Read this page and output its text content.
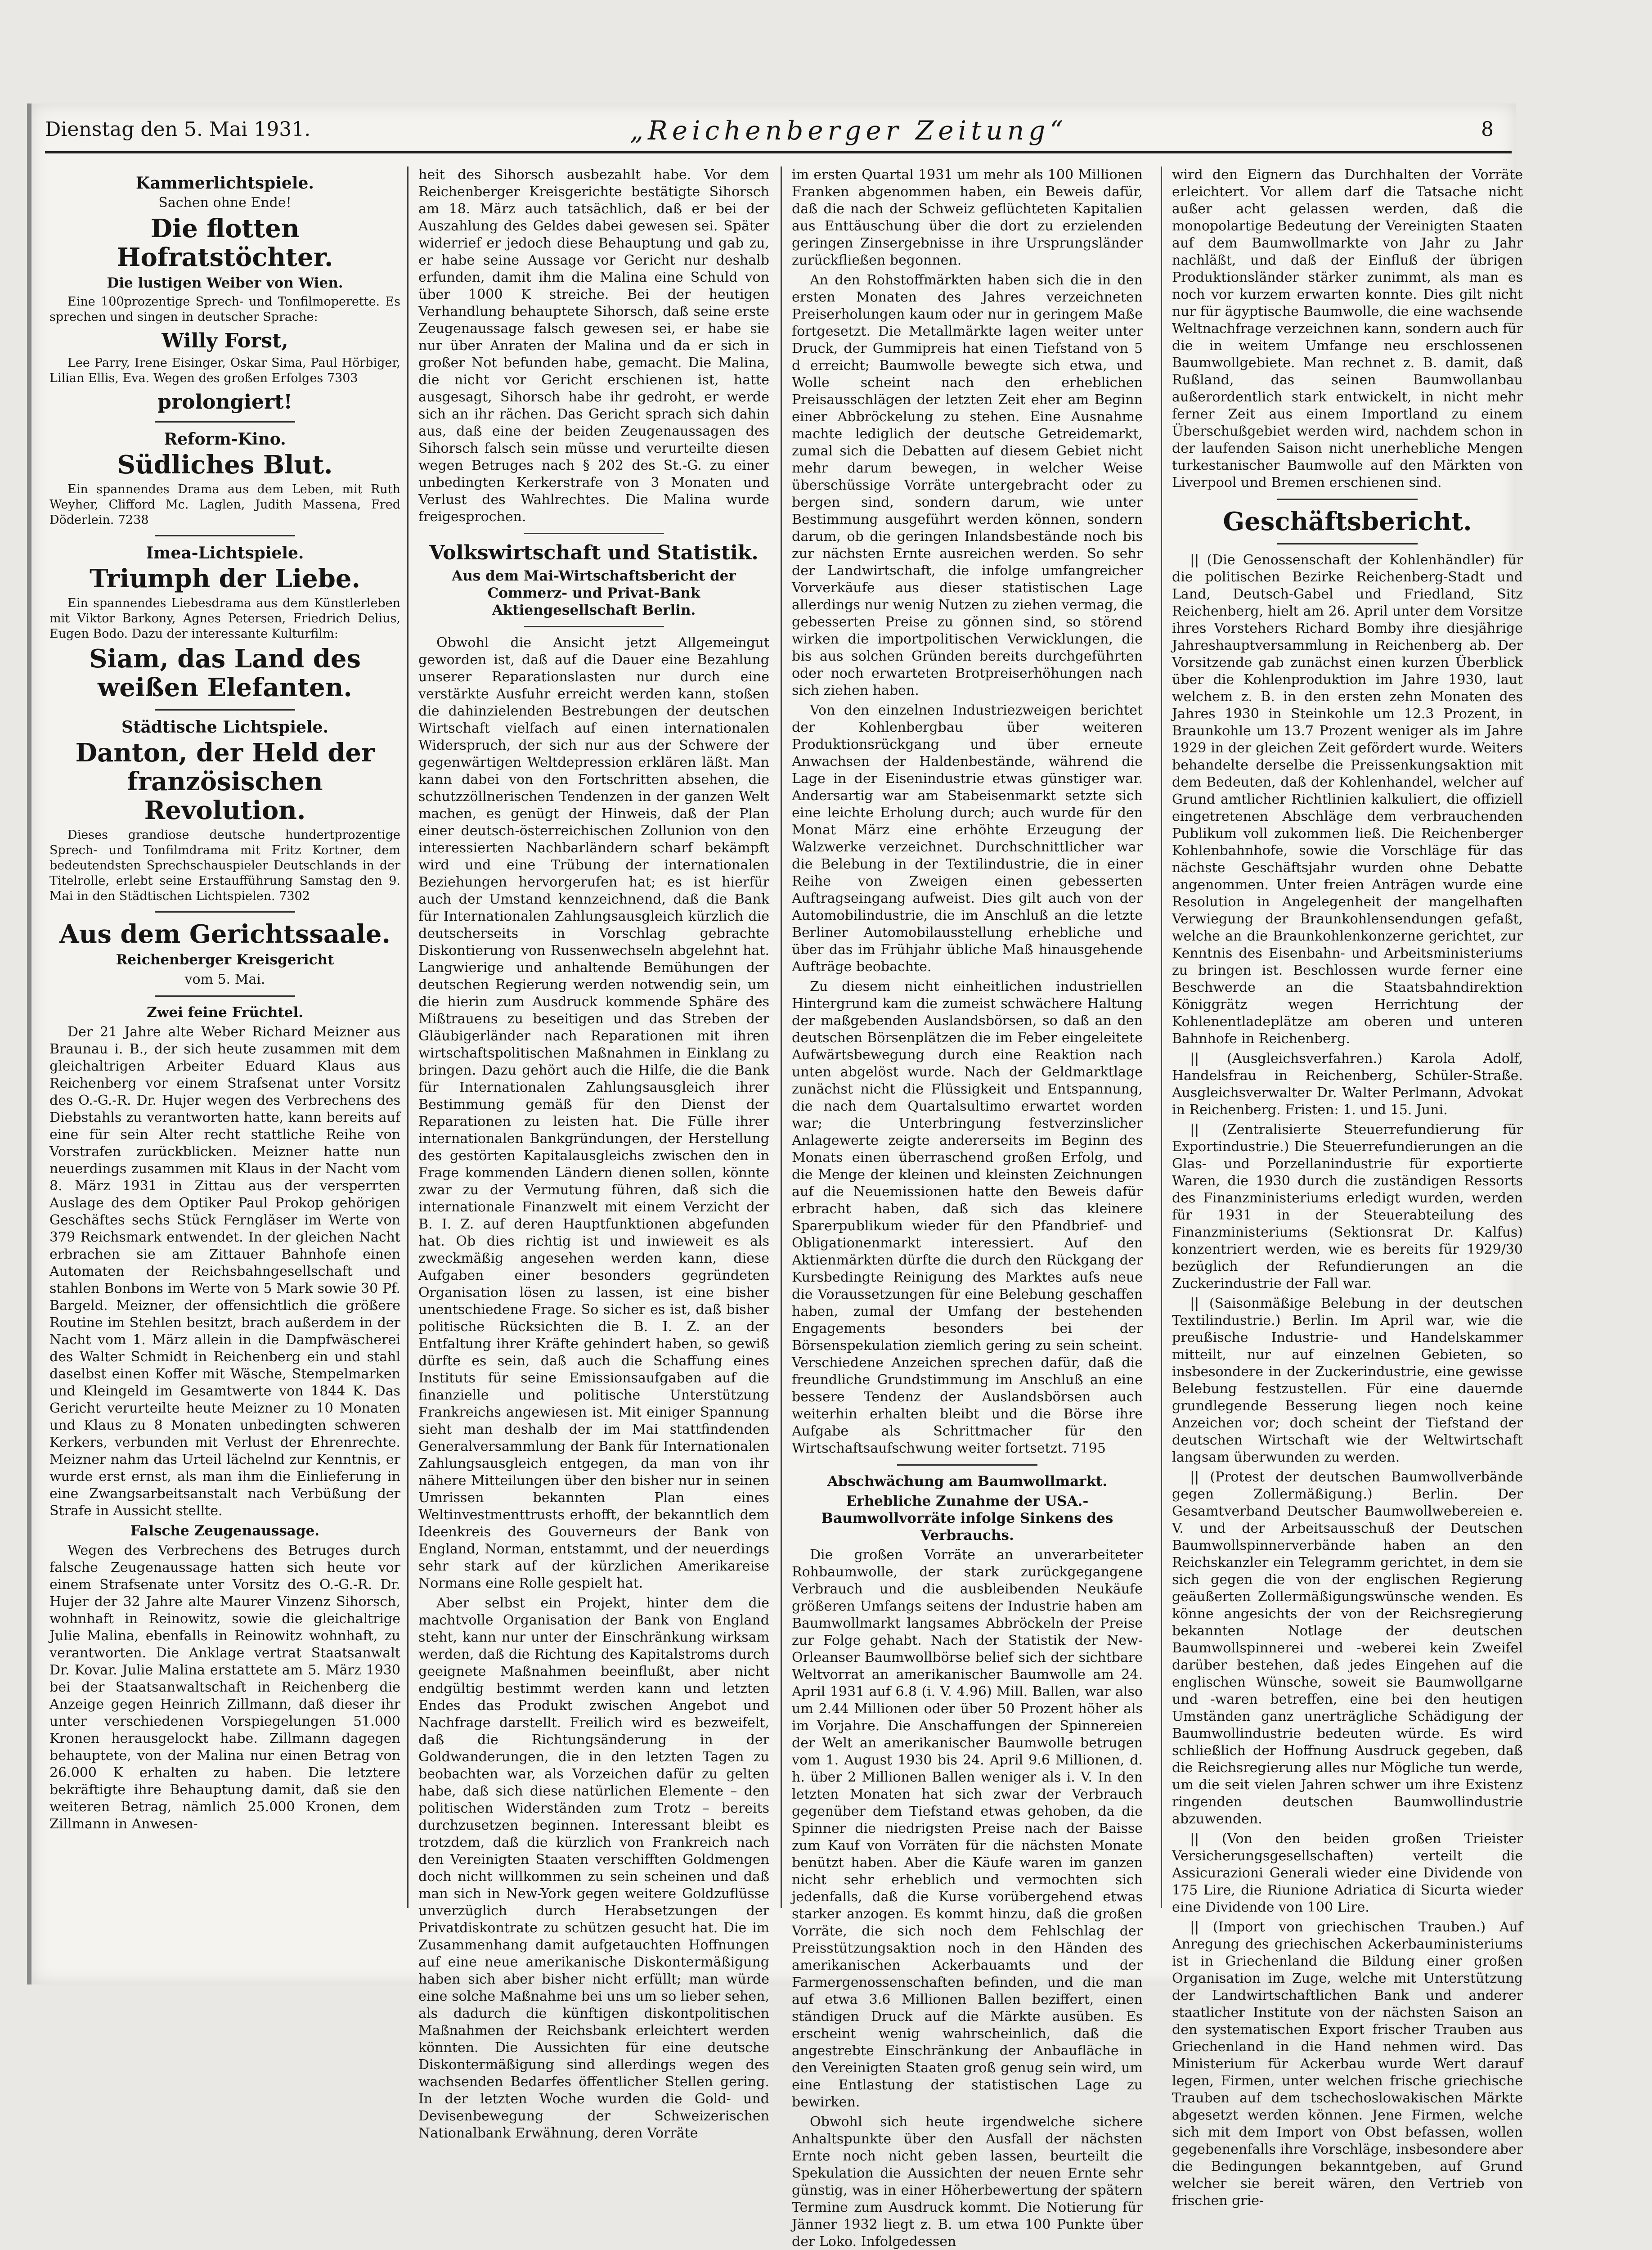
Dienstag den 5. Mai 1931.	„Reichenberger Zeitung“	8
Kammerlichtspiele.
Sachen ohne Ende!
Die flotten Hofratstöchter.
Die lustigen Weiber von Wien.

Eine 100prozentige Sprech- und Tonfilmoperette. Es sprechen und singen in deutscher Sprache:

Willy Forst,

Lee Parry, Irene Eisinger, Oskar Sima, Paul Hörbiger, Lilian Ellis, Eva. Wegen des großen Erfolges 7303

prolongiert!
Reform-Kino.
Südliches Blut.

Ein spannendes Drama aus dem Leben, mit Ruth Weyher, Clifford Mc. Laglen, Judith Massena, Fred Döderlein. 7238

Imea-Lichtspiele.
Triumph der Liebe.

Ein spannendes Liebesdrama aus dem Künstlerleben mit Viktor Barkony, Agnes Petersen, Friedrich Delius, Eugen Bodo. Dazu der interessante Kulturfilm:

Siam, das Land des weißen Elefanten.
Städtische Lichtspiele.
Danton, der Held der französischen Revolution.

Dieses grandiose deutsche hundertprozentige Sprech- und Tonfilmdrama mit Fritz Kortner, dem bedeutendsten Sprechschauspieler Deutschlands in der Titelrolle, erlebt seine Erstaufführung Samstag den 9. Mai in den Städtischen Lichtspielen. 7302

Aus dem Gerichtssaale.
Reichenberger Kreisgericht
vom 5. Mai.
Zwei feine Früchtel.

Der 21 Jahre alte Weber Richard Meizner aus Braunau i. B., der sich heute zusammen mit dem gleichaltrigen Arbeiter Eduard Klaus aus Reichenberg vor einem Strafsenat unter Vorsitz des O.-G.-R. Dr. Hujer wegen des Verbrechens des Diebstahls zu verantworten hatte, kann bereits auf eine für sein Alter recht stattliche Reihe von Vorstrafen zurückblicken. Meizner hatte nun neuerdings zusammen mit Klaus in der Nacht vom 8. März 1931 in Zittau aus der versperrten Auslage des dem Optiker Paul Prokop gehörigen Geschäftes sechs Stück Ferngläser im Werte von 379 Reichsmark entwendet. In der gleichen Nacht erbrachen sie am Zittauer Bahnhofe einen Automaten der Reichsbahngesellschaft und stahlen Bonbons im Werte von 5 Mark sowie 30 Pf. Bargeld. Meizner, der offensichtlich die größere Routine im Stehlen besitzt, brach außerdem in der Nacht vom 1. März allein in die Dampfwäscherei des Walter Schmidt in Reichenberg ein und stahl daselbst einen Koffer mit Wäsche, Stempelmarken und Kleingeld im Gesamtwerte von 1844 K. Das Gericht verurteilte heute Meizner zu 10 Monaten und Klaus zu 8 Monaten unbedingten schweren Kerkers, verbunden mit Verlust der Ehrenrechte. Meizner nahm das Urteil lächelnd zur Kenntnis, er wurde erst ernst, als man ihm die Einlieferung in eine Zwangsarbeitsanstalt nach Verbüßung der Strafe in Aussicht stellte.

Falsche Zeugenaussage.

Wegen des Verbrechens des Betruges durch falsche Zeugenaussage hatten sich heute vor einem Strafsenate unter Vorsitz des O.-G.-R. Dr. Hujer der 32 Jahre alte Maurer Vinzenz Sihorsch, wohnhaft in Reinowitz, sowie die gleichaltrige Julie Malina, ebenfalls in Reinowitz wohnhaft, zu verantworten. Die Anklage vertrat Staatsanwalt Dr. Kovar. Julie Malina erstattete am 5. März 1930 bei der Staatsanwaltschaft in Reichenberg die Anzeige gegen Heinrich Zillmann, daß dieser ihr unter verschiedenen Vorspiegelungen 51.000 Kronen herausgelockt habe. Zillmann dagegen behauptete, von der Malina nur einen Betrag von 26.000 K erhalten zu haben. Die letztere bekräftigte ihre Behauptung damit, daß sie den weiteren Betrag, nämlich 25.000 Kronen, dem Zillmann in Anwesen-

heit des Sihorsch ausbezahlt habe. Vor dem Reichenberger Kreisgerichte bestätigte Sihorsch am 18. März auch tatsächlich, daß er bei der Auszahlung des Geldes dabei gewesen sei. Später widerrief er jedoch diese Behauptung und gab zu, er habe seine Aussage vor Gericht nur deshalb erfunden, damit ihm die Malina eine Schuld von über 1000 K streiche. Bei der heutigen Verhandlung behauptete Sihorsch, daß seine erste Zeugenaussage falsch gewesen sei, er habe sie nur über Anraten der Malina und da er sich in großer Not befunden habe, gemacht. Die Malina, die nicht vor Gericht erschienen ist, hatte ausgesagt, Sihorsch habe ihr gedroht, er werde sich an ihr rächen. Das Gericht sprach sich dahin aus, daß eine der beiden Zeugenaussagen des Sihorsch falsch sein müsse und verurteilte diesen wegen Betruges nach § 202 des St.-G. zu einer unbedingten Kerkerstrafe von 3 Monaten und Verlust des Wahlrechtes. Die Malina wurde freigesprochen.

Volkswirtschaft und Statistik.
Aus dem Mai-Wirtschaftsbericht der Commerz- und Privat-Bank Aktiengesellschaft Berlin.

Obwohl die Ansicht jetzt Allgemeingut geworden ist, daß auf die Dauer eine Bezahlung unserer Reparationslasten nur durch eine verstärkte Ausfuhr erreicht werden kann, stoßen die dahinzielenden Bestrebungen der deutschen Wirtschaft vielfach auf einen internationalen Widerspruch, der sich nur aus der Schwere der gegenwärtigen Weltdepression erklären läßt. Man kann dabei von den Fortschritten absehen, die schutzzöllnerischen Tendenzen in der ganzen Welt machen, es genügt der Hinweis, daß der Plan einer deutsch-österreichischen Zollunion von den interessierten Nachbarländern scharf bekämpft wird und eine Trübung der internationalen Beziehungen hervorgerufen hat; es ist hierfür auch der Umstand kennzeichnend, daß die Bank für Internationalen Zahlungsausgleich kürzlich die deutscherseits in Vorschlag gebrachte Diskontierung von Russenwechseln abgelehnt hat. Langwierige und anhaltende Bemühungen der deutschen Regierung werden notwendig sein, um die hierin zum Ausdruck kommende Sphäre des Mißtrauens zu beseitigen und das Streben der Gläubigerländer nach Reparationen mit ihren wirtschaftspolitischen Maßnahmen in Einklang zu bringen. Dazu gehört auch die Hilfe, die die Bank für Internationalen Zahlungsausgleich ihrer Bestimmung gemäß für den Dienst der Reparationen zu leisten hat. Die Fülle ihrer internationalen Bankgründungen, der Herstellung des gestörten Kapitalausgleichs zwischen den in Frage kommenden Ländern dienen sollen, könnte zwar zu der Vermutung führen, daß sich die internationale Finanzwelt mit einem Verzicht der B. I. Z. auf deren Hauptfunktionen abgefunden hat. Ob dies richtig ist und inwieweit es als zweckmäßig angesehen werden kann, diese Aufgaben einer besonders gegründeten Organisation lösen zu lassen, ist eine bisher unentschiedene Frage. So sicher es ist, daß bisher politische Rücksichten die B. I. Z. an der Entfaltung ihrer Kräfte gehindert haben, so gewiß dürfte es sein, daß auch die Schaffung eines Instituts für seine Emissionsaufgaben auf die finanzielle und politische Unterstützung Frankreichs angewiesen ist. Mit einiger Spannung sieht man deshalb der im Mai stattfindenden Generalversammlung der Bank für Internationalen Zahlungsausgleich entgegen, da man von ihr nähere Mitteilungen über den bisher nur in seinen Umrissen bekannten Plan eines Weltinvestmenttrusts erhofft, der bekanntlich dem Ideenkreis des Gouverneurs der Bank von England, Norman, entstammt, und der neuerdings sehr stark auf der kürzlichen Amerikareise Normans eine Rolle gespielt hat.

Aber selbst ein Projekt, hinter dem die machtvolle Organisation der Bank von England steht, kann nur unter der Einschränkung wirksam werden, daß die Richtung des Kapitalstroms durch geeignete Maßnahmen beeinflußt, aber nicht endgültig bestimmt werden kann und letzten Endes das Produkt zwischen Angebot und Nachfrage darstellt. Freilich wird es bezweifelt, daß die Richtungsänderung in der Goldwanderungen, die in den letzten Tagen zu beobachten war, als Vorzeichen dafür zu gelten habe, daß sich diese natürlichen Elemente – den politischen Widerständen zum Trotz – bereits durchzusetzen beginnen. Interessant bleibt es trotzdem, daß die kürzlich von Frankreich nach den Vereinigten Staaten verschifften Goldmengen doch nicht willkommen zu sein scheinen und daß man sich in New-York gegen weitere Goldzuflüsse unverzüglich durch Herabsetzungen der Privatdiskontrate zu schützen gesucht hat. Die im Zusammenhang damit aufgetauchten Hoffnungen auf eine neue amerikanische Diskontermäßigung haben sich aber bisher nicht erfüllt; man würde eine solche Maßnahme bei uns um so lieber sehen, als dadurch die künftigen diskontpolitischen Maßnahmen der Reichsbank erleichtert werden könnten. Die Aussichten für eine deutsche Diskontermäßigung sind allerdings wegen des wachsenden Bedarfes öffentlicher Stellen gering. In der letzten Woche wurden die Gold- und Devisenbewegung der Schweizerischen Nationalbank Erwähnung, deren Vorräte

im ersten Quartal 1931 um mehr als 100 Millionen Franken abgenommen haben, ein Beweis dafür, daß die nach der Schweiz geflüchteten Kapitalien aus Enttäuschung über die dort zu erzielenden geringen Zinsergebnisse in ihre Ursprungsländer zurückfließen begonnen.

An den Rohstoffmärkten haben sich die in den ersten Monaten des Jahres verzeichneten Preiserholungen kaum oder nur in geringem Maße fortgesetzt. Die Metallmärkte lagen weiter unter Druck, der Gummipreis hat einen Tiefstand von 5 d erreicht; Baumwolle bewegte sich etwa, und Wolle scheint nach den erheblichen Preisausschlägen der letzten Zeit eher am Beginn einer Abbröckelung zu stehen. Eine Ausnahme machte lediglich der deutsche Getreidemarkt, zumal sich die Debatten auf diesem Gebiet nicht mehr darum bewegen, in welcher Weise überschüssige Vorräte untergebracht oder zu bergen sind, sondern darum, wie unter Bestimmung ausgeführt werden können, sondern darum, ob die geringen Inlandsbestände noch bis zur nächsten Ernte ausreichen werden. So sehr der Landwirtschaft, die infolge umfangreicher Vorverkäufe aus dieser statistischen Lage allerdings nur wenig Nutzen zu ziehen vermag, die gebesserten Preise zu gönnen sind, so störend wirken die importpolitischen Verwicklungen, die bis aus solchen Gründen bereits durchgeführten oder noch erwarteten Brotpreiserhöhungen nach sich ziehen haben.

Von den einzelnen Industriezweigen berichtet der Kohlenbergbau über weiteren Produktionsrückgang und über erneute Anwachsen der Haldenbestände, während die Lage in der Eisenindustrie etwas günstiger war. Andersartig war am Stabeisenmarkt setzte sich eine leichte Erholung durch; auch wurde für den Monat März eine erhöhte Erzeugung der Walzwerke verzeichnet. Durchschnittlicher war die Belebung in der Textilindustrie, die in einer Reihe von Zweigen einen gebesserten Auftragseingang aufweist. Dies gilt auch von der Automobilindustrie, die im Anschluß an die letzte Berliner Automobilausstellung erhebliche und über das im Frühjahr übliche Maß hinausgehende Aufträge beobachte.

Zu diesem nicht einheitlichen industriellen Hintergrund kam die zumeist schwächere Haltung der maßgebenden Auslandsbörsen, so daß an den deutschen Börsenplätzen die im Feber eingeleitete Aufwärtsbewegung durch eine Reaktion nach unten abgelöst wurde. Nach der Geldmarktlage zunächst nicht die Flüssigkeit und Entspannung, die nach dem Quartalsultimo erwartet worden war; die Unterbringung festverzinslicher Anlagewerte zeigte andererseits im Beginn des Monats einen überraschend großen Erfolg, und die Menge der kleinen und kleinsten Zeichnungen auf die Neuemissionen hatte den Beweis dafür erbracht haben, daß sich das kleinere Sparerpublikum wieder für den Pfandbrief- und Obligationenmarkt interessiert. Auf den Aktienmärkten dürfte die durch den Rückgang der Kursbedingte Reinigung des Marktes aufs neue die Voraussetzungen für eine Belebung geschaffen haben, zumal der Umfang der bestehenden Engagements besonders bei der Börsenspekulation ziemlich gering zu sein scheint. Verschiedene Anzeichen sprechen dafür, daß die freundliche Grundstimmung im Anschluß an eine bessere Tendenz der Auslandsbörsen auch weiterhin erhalten bleibt und die Börse ihre Aufgabe als Schrittmacher für den Wirtschaftsaufschwung weiter fortsetzt. 7195

Abschwächung am Baumwollmarkt.
Erhebliche Zunahme der USA.-Baumwollvorräte infolge Sinkens des Verbrauchs.

Die großen Vorräte an unverarbeiteter Rohbaumwolle, der stark zurückgegangene Verbrauch und die ausbleibenden Neukäufe größeren Umfangs seitens der Industrie haben am Baumwollmarkt langsames Abbröckeln der Preise zur Folge gehabt. Nach der Statistik der New-Orleanser Baumwollbörse belief sich der sichtbare Weltvorrat an amerikanischer Baumwolle am 24. April 1931 auf 6.8 (i. V. 4.96) Mill. Ballen, war also um 2.44 Millionen oder über 50 Prozent höher als im Vorjahre. Die Anschaffungen der Spinnereien der Welt an amerikanischer Baumwolle betrugen vom 1. August 1930 bis 24. April 9.6 Millionen, d. h. über 2 Millionen Ballen weniger als i. V. In den letzten Monaten hat sich zwar der Verbrauch gegenüber dem Tiefstand etwas gehoben, da die Spinner die niedrigsten Preise nach der Baisse zum Kauf von Vorräten für die nächsten Monate benützt haben. Aber die Käufe waren im ganzen nicht sehr erheblich und vermochten sich jedenfalls, daß die Kurse vorübergehend etwas starker anzogen. Es kommt hinzu, daß die großen Vorräte, die sich noch dem Fehlschlag der Preisstützungsaktion noch in den Händen des amerikanischen Ackerbauamts und der Farmergenossenschaften befinden, und die man auf etwa 3.6 Millionen Ballen beziffert, einen ständigen Druck auf die Märkte ausüben. Es erscheint wenig wahrscheinlich, daß die angestrebte Einschränkung der Anbaufläche in den Vereinigten Staaten groß genug sein wird, um eine Entlastung der statistischen Lage zu bewirken.

Obwohl sich heute irgendwelche sichere Anhaltspunkte über den Ausfall der nächsten Ernte noch nicht geben lassen, beurteilt die Spekulation die Aussichten der neuen Ernte sehr günstig, was in einer Höherbewertung der spätern Termine zum Ausdruck kommt. Die Notierung für Jänner 1932 liegt z. B. um etwa 100 Punkte über der Loko. Infolgedessen

wird den Eignern das Durchhalten der Vorräte erleichtert. Vor allem darf die Tatsache nicht außer acht gelassen werden, daß die monopolartige Bedeutung der Vereinigten Staaten auf dem Baumwollmarkte von Jahr zu Jahr nachläßt, und daß der Einfluß der übrigen Produktionsländer stärker zunimmt, als man es noch vor kurzem erwarten konnte. Dies gilt nicht nur für ägyptische Baumwolle, die eine wachsende Weltnachfrage verzeichnen kann, sondern auch für die in weitem Umfange neu erschlossenen Baumwollgebiete. Man rechnet z. B. damit, daß Rußland, das seinen Baumwollanbau außerordentlich stark entwickelt, in nicht mehr ferner Zeit aus einem Importland zu einem Überschußgebiet werden wird, nachdem schon in der laufenden Saison nicht unerhebliche Mengen turkestanischer Baumwolle auf den Märkten von Liverpool und Bremen erschienen sind.

Geschäftsbericht.

|| (Die Genossenschaft der Kohlenhändler) für die politischen Bezirke Reichenberg-Stadt und Land, Deutsch-Gabel und Friedland, Sitz Reichenberg, hielt am 26. April unter dem Vorsitze ihres Vorstehers Richard Bomby ihre diesjährige Jahreshauptversammlung in Reichenberg ab. Der Vorsitzende gab zunächst einen kurzen Überblick über die Kohlenproduktion im Jahre 1930, laut welchem z. B. in den ersten zehn Monaten des Jahres 1930 in Steinkohle um 12.3 Prozent, in Braunkohle um 13.7 Prozent weniger als im Jahre 1929 in der gleichen Zeit gefördert wurde. Weiters behandelte derselbe die Preissenkungsaktion mit dem Bedeuten, daß der Kohlenhandel, welcher auf Grund amtlicher Richtlinien kalkuliert, die offiziell eingetretenen Abschläge dem verbrauchenden Publikum voll zukommen ließ. Die Reichenberger Kohlenbahnhofe, sowie die Vorschläge für das nächste Geschäftsjahr wurden ohne Debatte angenommen. Unter freien Anträgen wurde eine Resolution in Angelegenheit der mangelhaften Verwiegung der Braunkohlensendungen gefaßt, welche an die Braunkohlenkonzerne gerichtet, zur Kenntnis des Eisenbahn- und Arbeitsministeriums zu bringen ist. Beschlossen wurde ferner eine Beschwerde an die Staatsbahndirektion Königgrätz wegen Herrichtung der Kohlenentladeplätze am oberen und unteren Bahnhofe in Reichenberg.

|| (Ausgleichsverfahren.) Karola Adolf, Handelsfrau in Reichenberg, Schüler-Straße. Ausgleichsverwalter Dr. Walter Perlmann, Advokat in Reichenberg. Fristen: 1. und 15. Juni.

|| (Zentralisierte Steuerrefundierung für Exportindustrie.) Die Steuerrefundierungen an die Glas- und Porzellanindustrie für exportierte Waren, die 1930 durch die zuständigen Ressorts des Finanzministeriums erledigt wurden, werden für 1931 in der Steuerabteilung des Finanzministeriums (Sektionsrat Dr. Kalfus) konzentriert werden, wie es bereits für 1929/30 bezüglich der Refundierungen an die Zuckerindustrie der Fall war.

|| (Saisonmäßige Belebung in der deutschen Textilindustrie.) Berlin. Im April war, wie die preußische Industrie- und Handelskammer mitteilt, nur auf einzelnen Gebieten, so insbesondere in der Zuckerindustrie, eine gewisse Belebung festzustellen. Für eine dauernde grundlegende Besserung liegen noch keine Anzeichen vor; doch scheint der Tiefstand der deutschen Wirtschaft wie der Weltwirtschaft langsam überwunden zu werden.

|| (Protest der deutschen Baumwollverbände gegen Zollermäßigung.) Berlin. Der Gesamtverband Deutscher Baumwollwebereien e. V. und der Arbeitsausschuß der Deutschen Baumwollspinnerverbände haben an den Reichskanzler ein Telegramm gerichtet, in dem sie sich gegen die von der englischen Regierung geäußerten Zollermäßigungswünsche wenden. Es könne angesichts der von der Reichsregierung bekannten Notlage der deutschen Baumwollspinnerei und -weberei kein Zweifel darüber bestehen, daß jedes Eingehen auf die englischen Wünsche, soweit sie Baumwollgarne und -waren betreffen, eine bei den heutigen Umständen ganz unerträgliche Schädigung der Baumwollindustrie bedeuten würde. Es wird schließlich der Hoffnung Ausdruck gegeben, daß die Reichsregierung alles nur Mögliche tun werde, um die seit vielen Jahren schwer um ihre Existenz ringenden deutschen Baumwollindustrie abzuwenden.

|| (Von den beiden großen Trieister Versicherungsgesellschaften) verteilt die Assicurazioni Generali wieder eine Dividende von 175 Lire, die Riunione Adriatica di Sicurta wieder eine Dividende von 100 Lire.

|| (Import von griechischen Trauben.) Auf Anregung des griechischen Ackerbauministeriums ist in Griechenland die Bildung einer großen Organisation im Zuge, welche mit Unterstützung der Landwirtschaftlichen Bank und anderer staatlicher Institute von der nächsten Saison an den systematischen Export frischer Trauben aus Griechenland in die Hand nehmen wird. Das Ministerium für Ackerbau wurde Wert darauf legen, Firmen, unter welchen frische griechische Trauben auf dem tschechoslowakischen Märkte abgesetzt werden können. Jene Firmen, welche sich mit dem Import von Obst befassen, wollen gegebenenfalls ihre Vorschläge, insbesondere aber die Bedingungen bekanntgeben, auf Grund welcher sie bereit wären, den Vertrieb von frischen grie-
